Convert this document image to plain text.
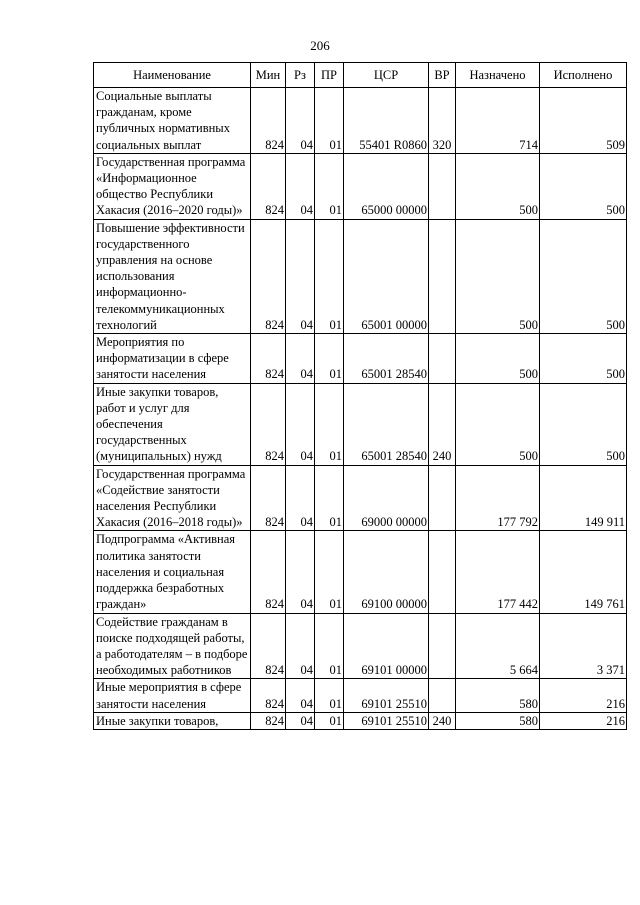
206
Наименование	Мин	Рз	ПР	ЦСР	ВР	Назначено	Исполнено
Социальные выплаты гражданам, кроме публичных нормативных социальных выплат	824	04	01	55401 R0860	320	714	509
Государственная программа «Информационное общество Республики Хакасия (2016–2020 годы)»	824	04	01	65000 00000		500	500
Повышение эффективности государственного управления на основе использования информационно-телекоммуникационных технологий	824	04	01	65001 00000		500	500
Мероприятия по информатизации в сфере занятости населения	824	04	01	65001 28540		500	500
Иные закупки товаров, работ и услуг для обеспечения государственных (муниципальных) нужд	824	04	01	65001 28540	240	500	500
Государственная программа «Содействие занятости населения Республики Хакасия (2016–2018 годы)»	824	04	01	69000 00000		177 792	149 911
Подпрограмма «Активная политика занятости населения и социальная поддержка безработных граждан»	824	04	01	69100 00000		177 442	149 761
Содействие гражданам в поиске подходящей работы, а работодателям – в подборе необходимых работников	824	04	01	69101 00000		5 664	3 371
Иные мероприятия в сфере занятости населения	824	04	01	69101 25510		580	216
Иные закупки товаров,	824	04	01	69101 25510	240	580	216
